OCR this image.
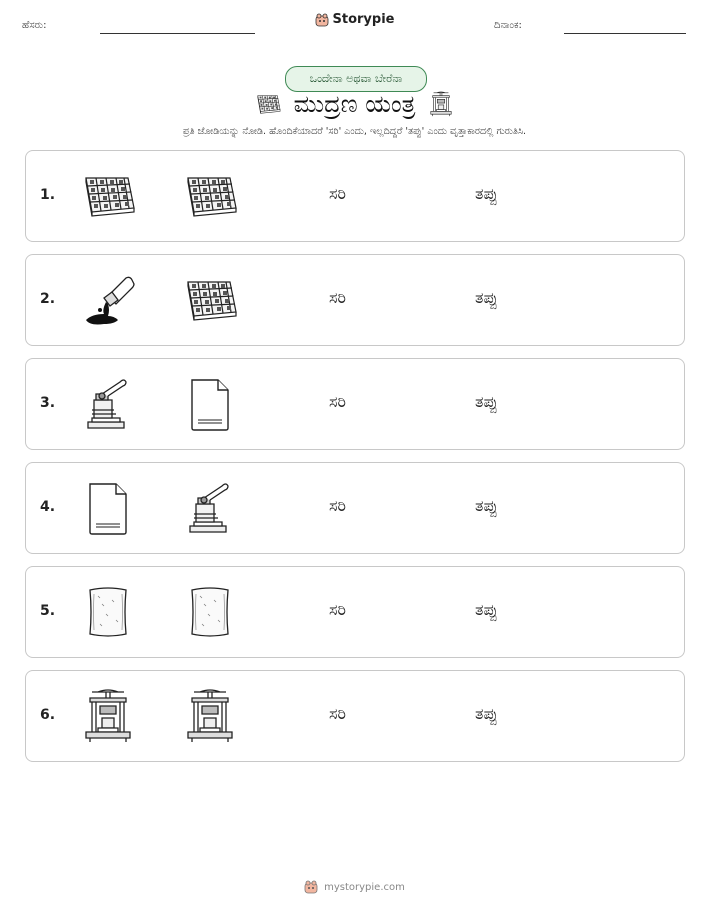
ಹೆಸರು:	Storypie	ದಿನಾಂಕ:
ಒಂದೇನಾ ಅಥವಾ ಬೇರೆನಾ
ಮುದ್ರಣ ಯಂತ್ರ
ಪ್ರತಿ ಜೋಡಿಯನ್ನು ನೋಡಿ. ಹೊಂದಿಕೆಯಾದರೆ 'ಸರಿ' ಎಂದು, ಇಲ್ಲದಿದ್ದರೆ 'ತಪ್ಪು' ಎಂದು ವೃತ್ತಾಕಾರದಲ್ಲಿ ಗುರುತಿಸಿ.
1.	ಸರಿ	ತಪ್ಪು
2.	ಸರಿ	ತಪ್ಪು
3.	ಸರಿ	ತಪ್ಪು
4.	ಸರಿ	ತಪ್ಪು
5.	ಸರಿ	ತಪ್ಪು
6.	ಸರಿ	ತಪ್ಪು
mystorypie.com
